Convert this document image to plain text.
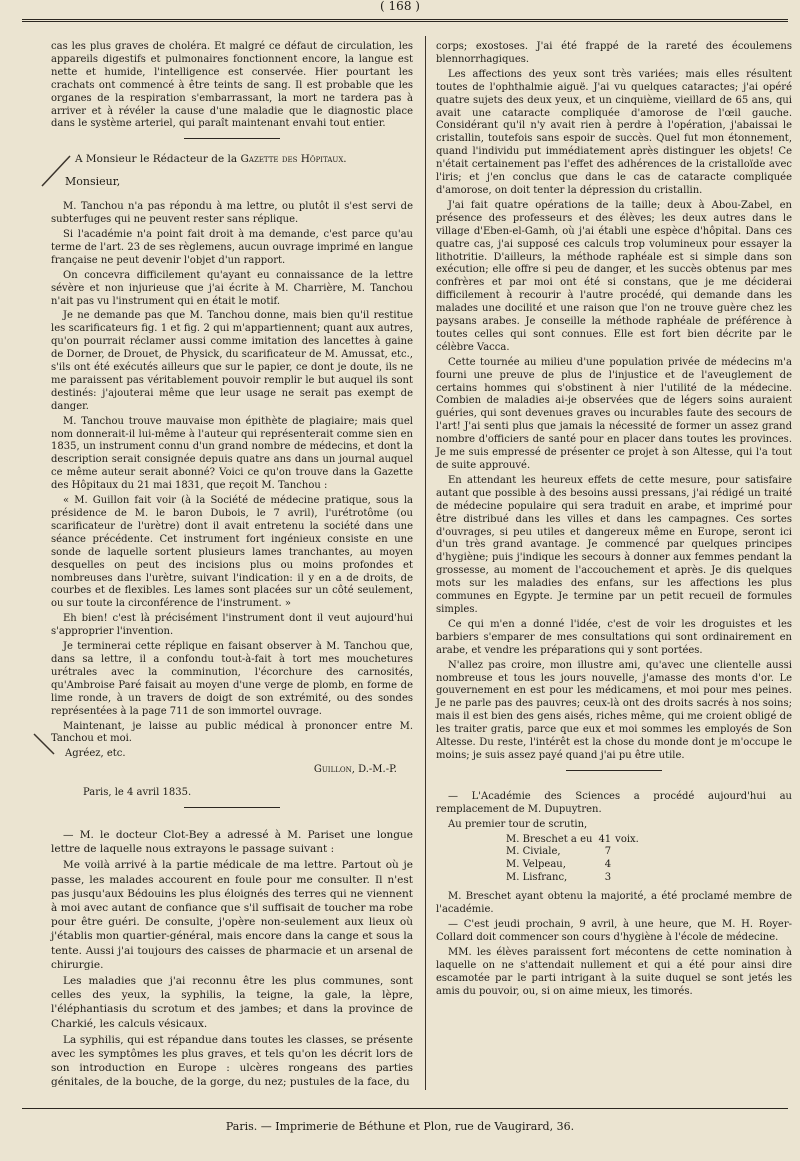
( 168 )

cas les plus graves de choléra. Et malgré ce défaut de circulation, les appareils digestifs et pulmonaires fonctionnent encore, la langue est nette et humide, l'intelligence est conservée. Hier pourtant les crachats ont commencé à être teints de sang. Il est probable que les organes de la respiration s'embarrassant, la mort ne tardera pas à arriver et à révéler la cause d'une maladie que le diagnostic place dans le système arteriel, qui paraît maintenant envahi tout entier.

A Monsieur le Rédacteur de la Gazette des Hôpitaux.
Monsieur,

M. Tanchou n'a pas répondu à ma lettre, ou plutôt il s'est servi de subterfuges qui ne peuvent rester sans réplique.

Si l'académie n'a point fait droit à ma demande, c'est parce qu'au terme de l'art. 23 de ses règlemens, aucun ouvrage imprimé en langue française ne peut devenir l'objet d'un rapport.

On concevra difficilement qu'ayant eu connaissance de la lettre sévère et non injurieuse que j'ai écrite à M. Charrière, M. Tanchou n'ait pas vu l'instrument qui en était le motif.

Je ne demande pas que M. Tanchou donne, mais bien qu'il restitue les scarificateurs fig. 1 et fig. 2 qui m'appartiennent; quant aux autres, qu'on pourrait réclamer aussi comme imitation des lancettes à gaine de Dorner, de Drouet, de Physick, du scarificateur de M. Amussat, etc., s'ils ont été exécutés ailleurs que sur le papier, ce dont je doute, ils ne me paraissent pas véritablement pouvoir remplir le but auquel ils sont destinés: j'ajouterai même que leur usage ne serait pas exempt de danger.

M. Tanchou trouve mauvaise mon épithète de plagiaire; mais quel nom donnerait-il lui-même à l'auteur qui représenterait comme sien en 1835, un instrument connu d'un grand nombre de médecins, et dont la description serait consignée depuis quatre ans dans un journal auquel ce même auteur serait abonné? Voici ce qu'on trouve dans la Gazette des Hôpitaux du 21 mai 1831, que reçoit M. Tanchou :

« M. Guillon fait voir (à la Société de médecine pratique, sous la présidence de M. le baron Dubois, le 7 avril), l'urétrotôme (ou scarificateur de l'urètre) dont il avait entretenu la société dans une séance précédente. Cet instrument fort ingénieux consiste en une sonde de laquelle sortent plusieurs lames tranchantes, au moyen desquelles on peut des incisions plus ou moins profondes et nombreuses dans l'urètre, suivant l'indication: il y en a de droits, de courbes et de flexibles. Les lames sont placées sur un côté seulement, ou sur toute la circonférence de l'instrument. »

Eh bien! c'est là précisément l'instrument dont il veut aujourd'hui s'approprier l'invention.

Je terminerai cette réplique en faisant observer à M. Tanchou que, dans sa lettre, il a confondu tout-à-fait à tort mes mouchetures urétrales avec la comminution, l'écorchure des carnosités, qu'Ambroise Paré faisait au moyen d'une verge de plomb, en forme de lime ronde, à un travers de doigt de son extrémité, ou des sondes représentées à la page 711 de son immortel ouvrage.

Maintenant, je laisse au public médical à prononcer entre M. Tanchou et moi.

Agréez, etc.
Guillon, D.-M.-P.
Paris, le 4 avril 1835.

— M. le docteur Clot-Bey a adressé à M. Pariset une longue lettre de laquelle nous extrayons le passage suivant :

Me voilà arrivé à la partie médicale de ma lettre. Partout où je passe, les malades accourent en foule pour me consulter. Il n'est pas jusqu'aux Bédouins les plus éloignés des terres qui ne viennent à moi avec autant de confiance que s'il suffisait de toucher ma robe pour être guéri. De consulte, j'opère non-seulement aux lieux où j'établis mon quartier-général, mais encore dans la cange et sous la tente. Aussi j'ai toujours des caisses de pharmacie et un arsenal de chirurgie.

Les maladies que j'ai reconnu être les plus communes, sont celles des yeux, la syphilis, la teigne, la gale, la lèpre, l'éléphantiasis du scrotum et des jambes; et dans la province de Charkié, les calculs vésicaux.

La syphilis, qui est répandue dans toutes les classes, se présente avec les symptômes les plus graves, et tels qu'on les décrit lors de son introduction en Europe : ulcères rongeans des parties génitales, de la bouche, de la gorge, du nez; pustules de la face, du

corps; exostoses. J'ai été frappé de la rareté des écoulemens blennorrhagiques.

Les affections des yeux sont très variées; mais elles résultent toutes de l'ophthalmie aiguë. J'ai vu quelques cataractes; j'ai opéré quatre sujets des deux yeux, et un cinquième, vieillard de 65 ans, qui avait une cataracte compliquée d'amorose de l'œil gauche. Considérant qu'il n'y avait rien à perdre à l'opération, j'abaissai le cristallin, toutefois sans espoir de succès. Quel fut mon étonnement, quand l'individu put immédiatement après distinguer les objets! Ce n'était certainement pas l'effet des adhérences de la cristalloïde avec l'iris; et j'en conclus que dans le cas de cataracte compliquée d'amorose, on doit tenter la dépression du cristallin.

J'ai fait quatre opérations de la taille; deux à Abou-Zabel, en présence des professeurs et des élèves; les deux autres dans le village d'Eben-el-Gamh, où j'ai établi une espèce d'hôpital. Dans ces quatre cas, j'ai supposé ces calculs trop volumineux pour essayer la lithotritie. D'ailleurs, la méthode raphéale est si simple dans son exécution; elle offre si peu de danger, et les succès obtenus par mes confrères et par moi ont été si constans, que je me déciderai difficilement à recourir à l'autre procédé, qui demande dans les malades une docilité et une raison que l'on ne trouve guère chez les paysans arabes. Je conseille la méthode raphéale de préférence à toutes celles qui sont connues. Elle est fort bien décrite par le célèbre Vacca.

Cette tournée au milieu d'une population privée de médecins m'a fourni une preuve de plus de l'injustice et de l'aveuglement de certains hommes qui s'obstinent à nier l'utilité de la médecine. Combien de maladies ai-je observées que de légers soins auraient guéries, qui sont devenues graves ou incurables faute des secours de l'art! J'ai senti plus que jamais la nécessité de former un assez grand nombre d'officiers de santé pour en placer dans toutes les provinces. Je me suis empressé de présenter ce projet à son Altesse, qui l'a tout de suite approuvé.

En attendant les heureux effets de cette mesure, pour satisfaire autant que possible à des besoins aussi pressans, j'ai rédigé un traité de médecine populaire qui sera traduit en arabe, et imprimé pour être distribué dans les villes et dans les campagnes. Ces sortes d'ouvrages, si peu utiles et dangereux même en Europe, seront ici d'un très grand avantage. Je commencé par quelques principes d'hygiène; puis j'indique les secours à donner aux femmes pendant la grossesse, au moment de l'accouchement et après. Je dis quelques mots sur les maladies des enfans, sur les affections les plus communes en Egypte. Je termine par un petit recueil de formules simples.

Ce qui m'en a donné l'idée, c'est de voir les droguistes et les barbiers s'emparer de mes consultations qui sont ordinairement en arabe, et vendre les préparations qui y sont portées.

N'allez pas croire, mon illustre ami, qu'avec une clientelle aussi nombreuse et tous les jours nouvelle, j'amasse des monts d'or. Le gouvernement en est pour les médicamens, et moi pour mes peines. Je ne parle pas des pauvres; ceux-là ont des droits sacrés à nos soins; mais il est bien des gens aisés, riches même, qui me croient obligé de les traiter gratis, parce que eux et moi sommes les employés de Son Altesse. Du reste, l'intérêt est la chose du monde dont je m'occupe le moins; je suis assez payé quand j'ai pu être utile.

— L'Académie des Sciences a procédé aujourd'hui au remplacement de M. Dupuytren.

Au premier tour de scrutin,

M. Breschet a eu	41	voix.
M. Civiale,	7	
M. Velpeau,	4	
M. Lisfranc,	3	

M. Breschet ayant obtenu la majorité, a été proclamé membre de l'académie.

— C'est jeudi prochain, 9 avril, à une heure, que M. H. Royer-Collard doit commencer son cours d'hygiène à l'école de médecine.

MM. les élèves paraissent fort mécontens de cette nomination à laquelle on ne s'attendait nullement et qui a été pour ainsi dire escamotée par le parti intrigant à la suite duquel se sont jetés les amis du pouvoir, ou, si on aime mieux, les timorés.

Paris. — Imprimerie de Béthune et Plon, rue de Vaugirard, 36.
